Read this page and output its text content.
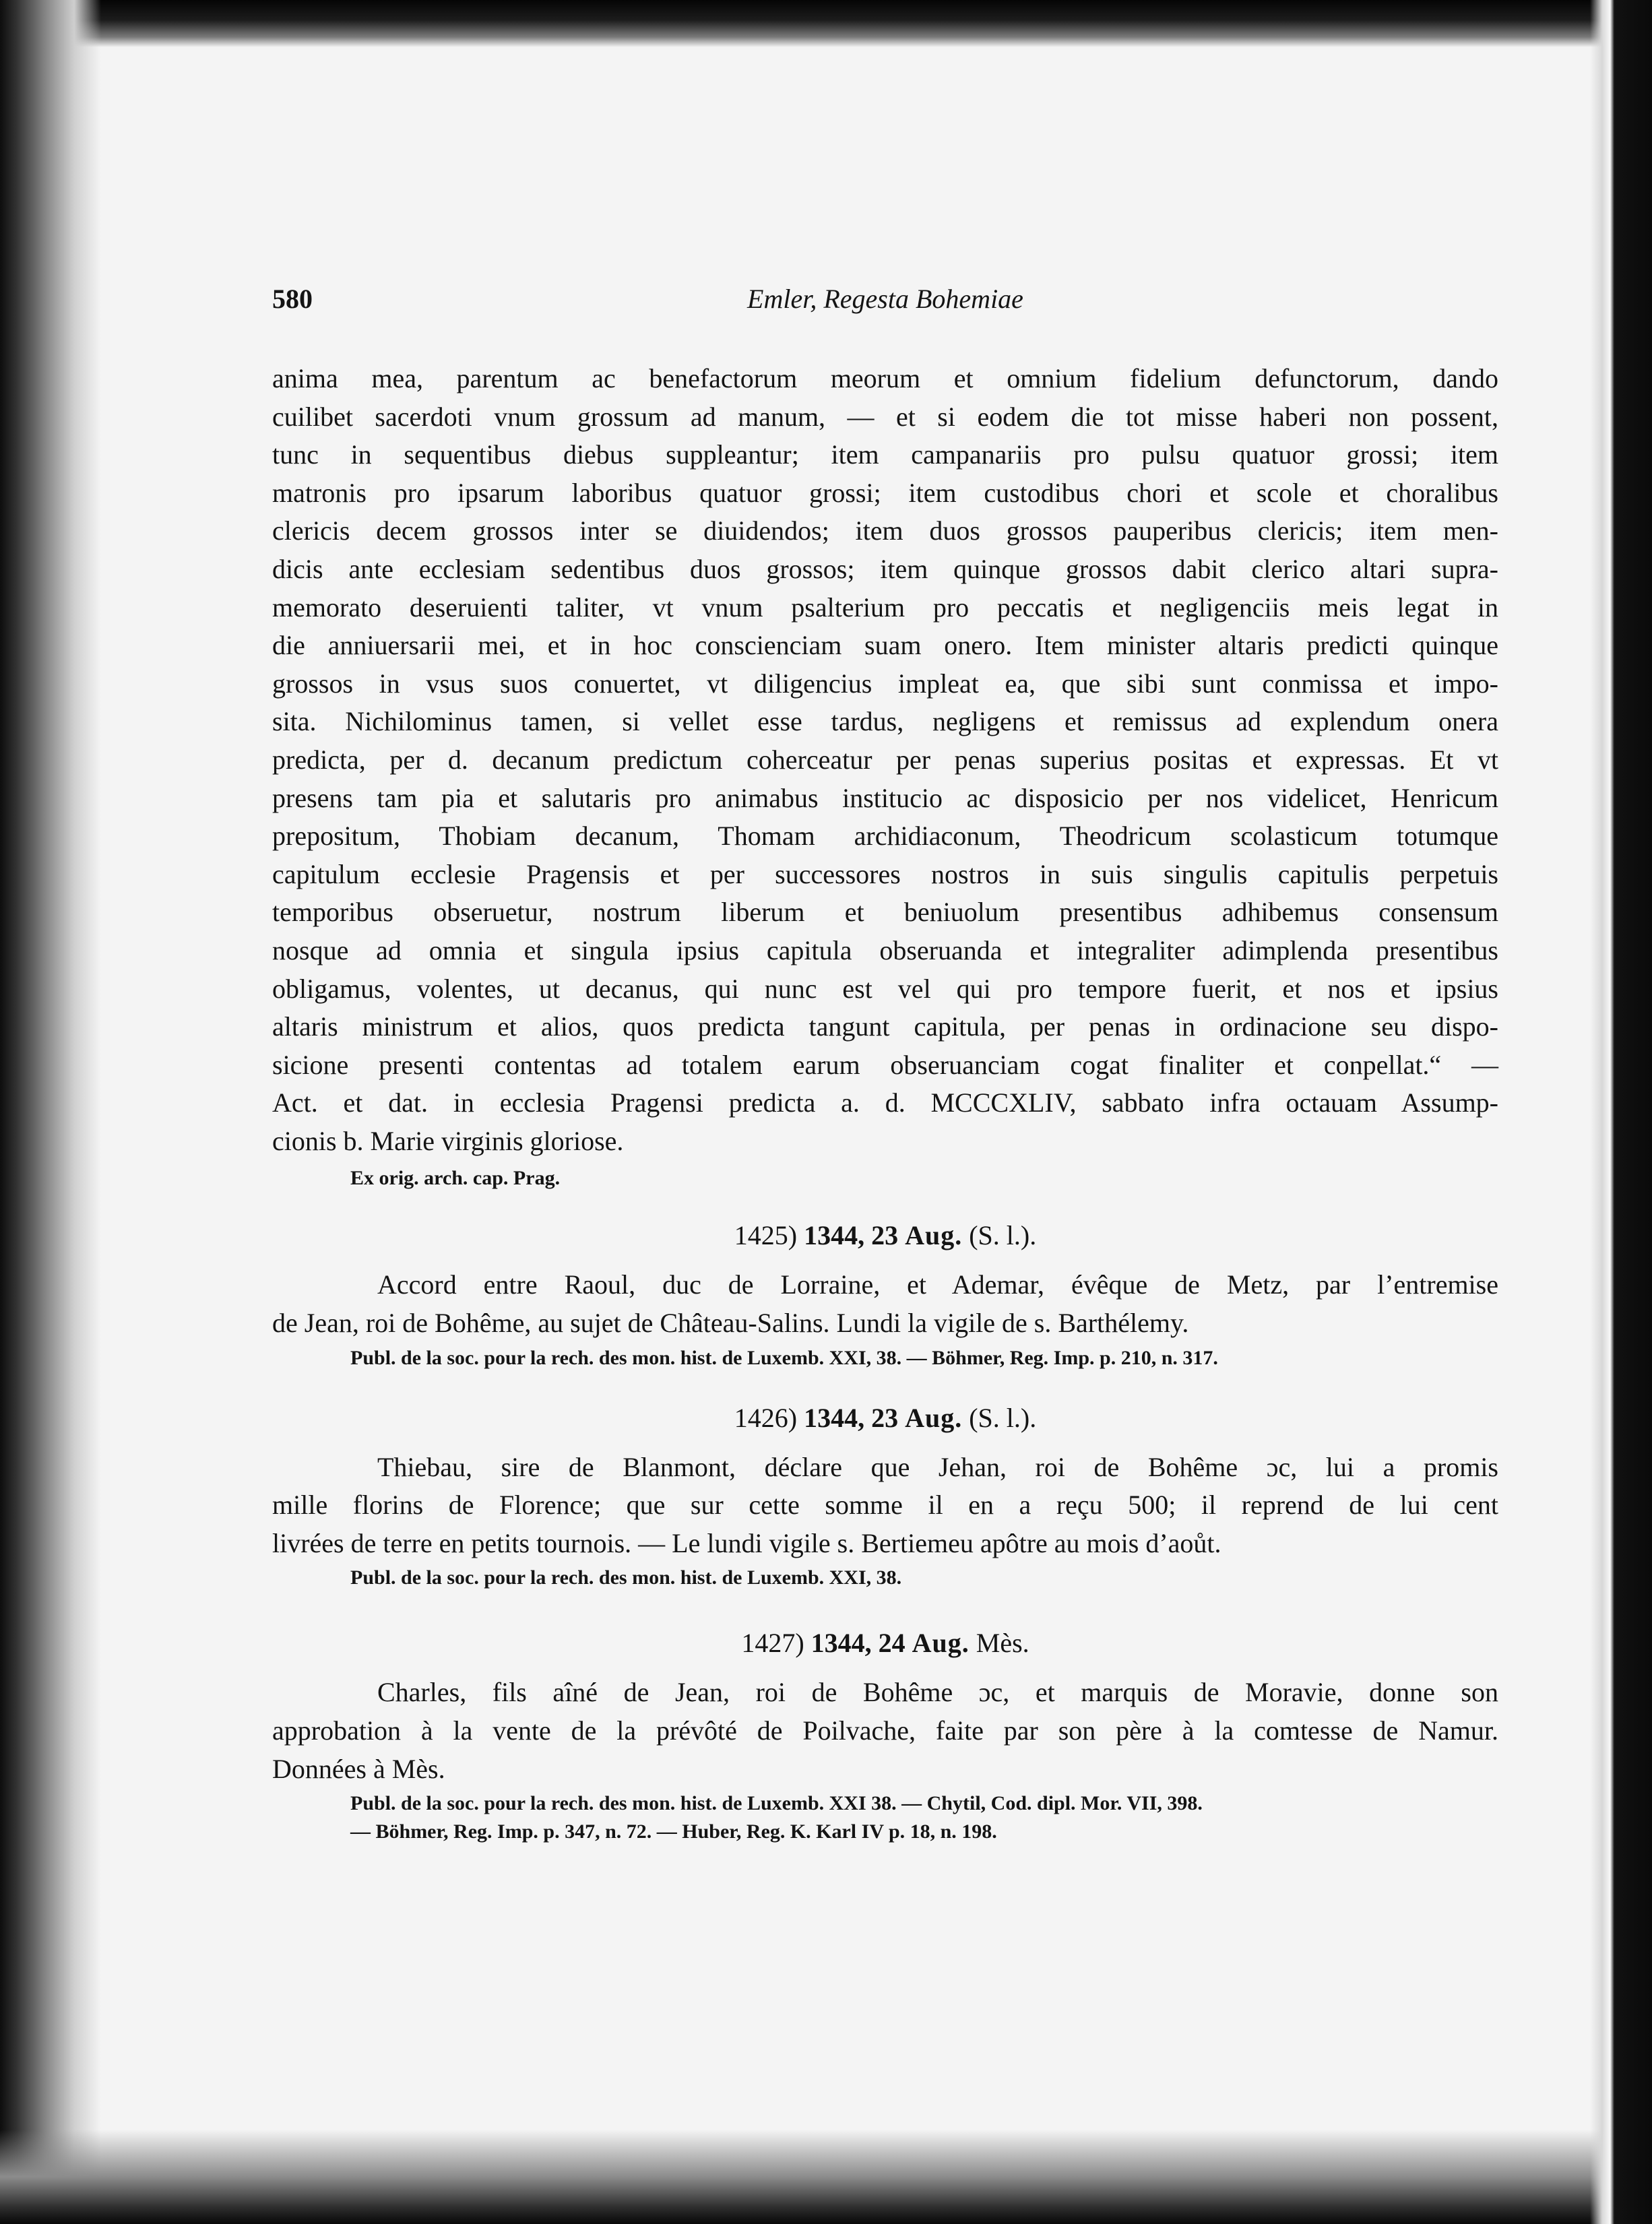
580	Emler, Regesta Bohemiae
anima mea, parentum ac benefactorum meorum et omnium fidelium defunctorum, dando
cuilibet sacerdoti vnum grossum ad manum, — et si eodem die tot misse haberi non possent,
tunc in sequentibus diebus suppleantur; item campanariis pro pulsu quatuor grossi; item
matronis pro ipsarum laboribus quatuor grossi; item custodibus chori et scole et choralibus
clericis decem grossos inter se diuidendos; item duos grossos pauperibus clericis; item men-
dicis ante ecclesiam sedentibus duos grossos; item quinque grossos dabit clerico altari supra-
memorato deseruienti taliter, vt vnum psalterium pro peccatis et negligenciis meis legat in
die anniuersarii mei, et in hoc conscienciam suam onero. Item minister altaris predicti quinque
grossos in vsus suos conuertet, vt diligencius impleat ea, que sibi sunt conmissa et impo-
sita. Nichilominus tamen, si vellet esse tardus, negligens et remissus ad explendum onera
predicta, per d. decanum predictum coherceatur per penas superius positas et expressas. Et vt
presens tam pia et salutaris pro animabus institucio ac disposicio per nos videlicet, Henricum
prepositum, Thobiam decanum, Thomam archidiaconum, Theodricum scolasticum totumque
capitulum ecclesie Pragensis et per successores nostros in suis singulis capitulis perpetuis
temporibus obseruetur, nostrum liberum et beniuolum presentibus adhibemus consensum
nosque ad omnia et singula ipsius capitula obseruanda et integraliter adimplenda presentibus
obligamus, volentes, ut decanus, qui nunc est vel qui pro tempore fuerit, et nos et ipsius
altaris ministrum et alios, quos predicta tangunt capitula, per penas in ordinacione seu dispo-
sicione presenti contentas ad totalem earum obseruanciam cogat finaliter et conpellat.“ —
Act. et dat. in ecclesia Pragensi predicta a. d. MCCCXLIV, sabbato infra octauam Assump-
cionis b. Marie virginis gloriose.
Ex orig. arch. cap. Prag.

1425) 1344, 23 Aug. (S. l.).

Accord entre Raoul, duc de Lorraine, et Ademar, évêque de Metz, par l’entremise
de Jean, roi de Bohême, au sujet de Château-Salins. Lundi la vigile de s. Barthélemy.
Publ. de la soc. pour la rech. des mon. hist. de Luxemb. XXI, 38. — Böhmer, Reg. Imp. p. 210, n. 317.

1426) 1344, 23 Aug. (S. l.).

Thiebau, sire de Blanmont, déclare que Jehan, roi de Bohême ɔc, lui a promis
mille florins de Florence; que sur cette somme il en a reçu 500; il reprend de lui cent
livrées de terre en petits tournois. — Le lundi vigile s. Bertiemeu apôtre au mois d’aoůt.
Publ. de la soc. pour la rech. des mon. hist. de Luxemb. XXI, 38.

1427) 1344, 24 Aug. Mès.

Charles, fils aîné de Jean, roi de Bohême ɔc, et marquis de Moravie, donne son
approbation à la vente de la prévôté de Poilvache, faite par son père à la comtesse de Namur.
Données à Mès.
Publ. de la soc. pour la rech. des mon. hist. de Luxemb. XXI 38. — Chytil, Cod. dipl. Mor. VII, 398.
— Böhmer, Reg. Imp. p. 347, n. 72. — Huber, Reg. K. Karl IV p. 18, n. 198.
